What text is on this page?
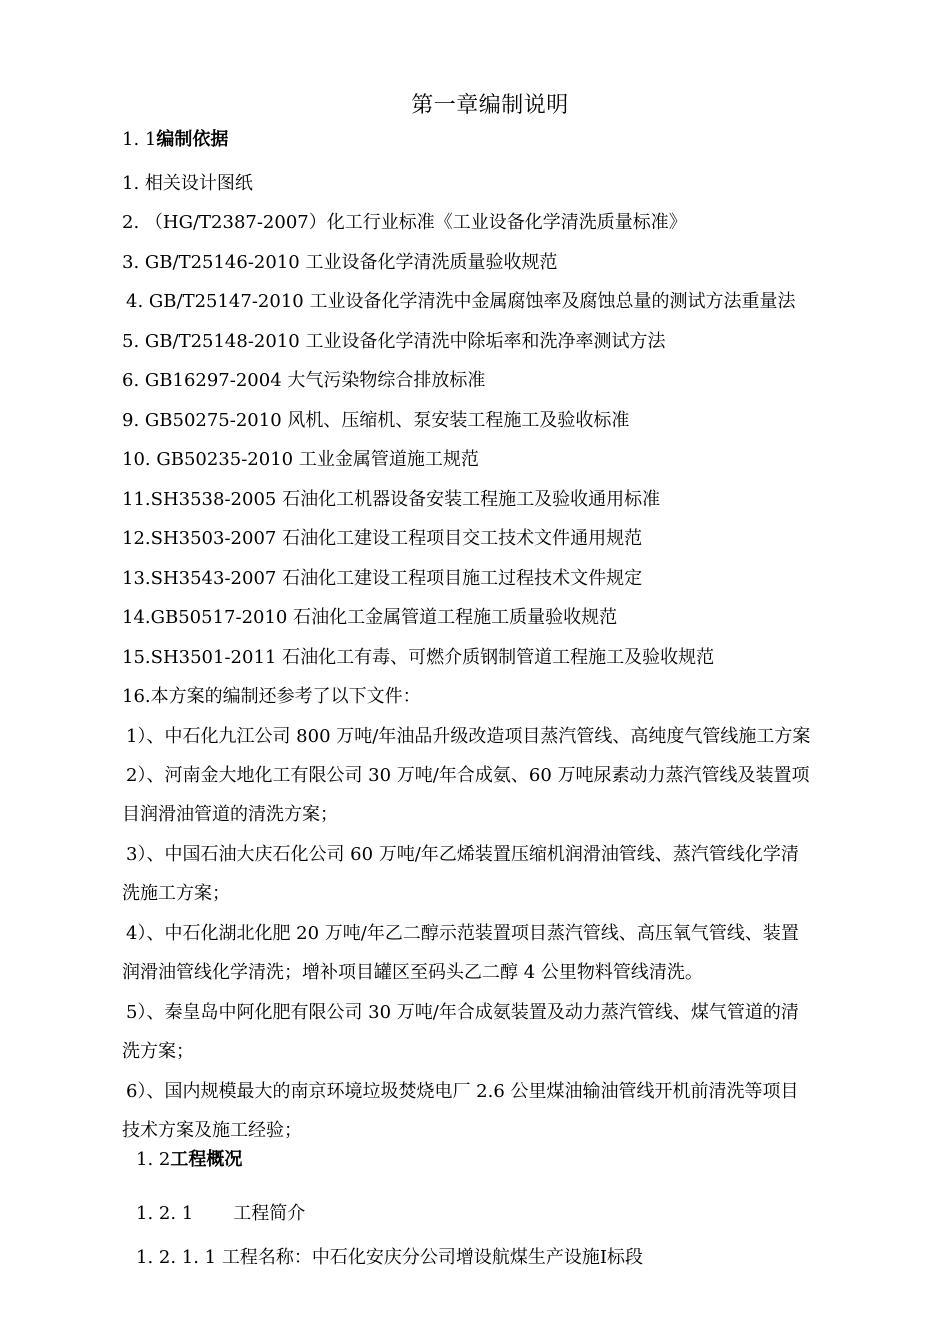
第一章编制说明
1. 1编制依据
1. 相关设计图纸
2. （HG/T2387-2007）化工行业标准《工业设备化学清洗质量标准》
3. GB/T25146-2010 工业设备化学清洗质量验收规范
4. GB/T25147-2010 工业设备化学清洗中金属腐蚀率及腐蚀总量的测试方法重量法
5. GB/T25148-2010 工业设备化学清洗中除垢率和洗净率测试方法
6. GB16297-2004 大气污染物综合排放标准
9. GB50275-2010 风机、压缩机、泵安装工程施工及验收标准
10. GB50235-2010 工业金属管道施工规范
11.SH3538-2005 石油化工机器设备安装工程施工及验收通用标准
12.SH3503-2007 石油化工建设工程项目交工技术文件通用规范
13.SH3543-2007 石油化工建设工程项目施工过程技术文件规定
14.GB50517-2010 石油化工金属管道工程施工质量验收规范
15.SH3501-2011 石油化工有毒、可燃介质钢制管道工程施工及验收规范
16.本方案的编制还参考了以下文件：
1）、中石化九江公司 800 万吨/年油品升级改造项目蒸汽管线、高纯度气管线施工方案
2）、河南金大地化工有限公司 30 万吨/年合成氨、60 万吨尿素动力蒸汽管线及装置项
目润滑油管道的清洗方案；
3）、中国石油大庆石化公司 60 万吨/年乙烯装置压缩机润滑油管线、蒸汽管线化学清
洗施工方案；
4）、中石化湖北化肥 20 万吨/年乙二醇示范装置项目蒸汽管线、高压氧气管线、装置
润滑油管线化学清洗；增补项目罐区至码头乙二醇 4 公里物料管线清洗。
5）、秦皇岛中阿化肥有限公司 30 万吨/年合成氨装置及动力蒸汽管线、煤气管道的清
洗方案；
6）、国内规模最大的南京环境垃圾焚烧电厂 2.6 公里煤油输油管线开机前清洗等项目
技术方案及施工经验；
1. 2工程概况
1. 2. 1 工程简介
1. 2. 1. 1 工程名称：中石化安庆分公司增设航煤生产设施Ⅰ标段
